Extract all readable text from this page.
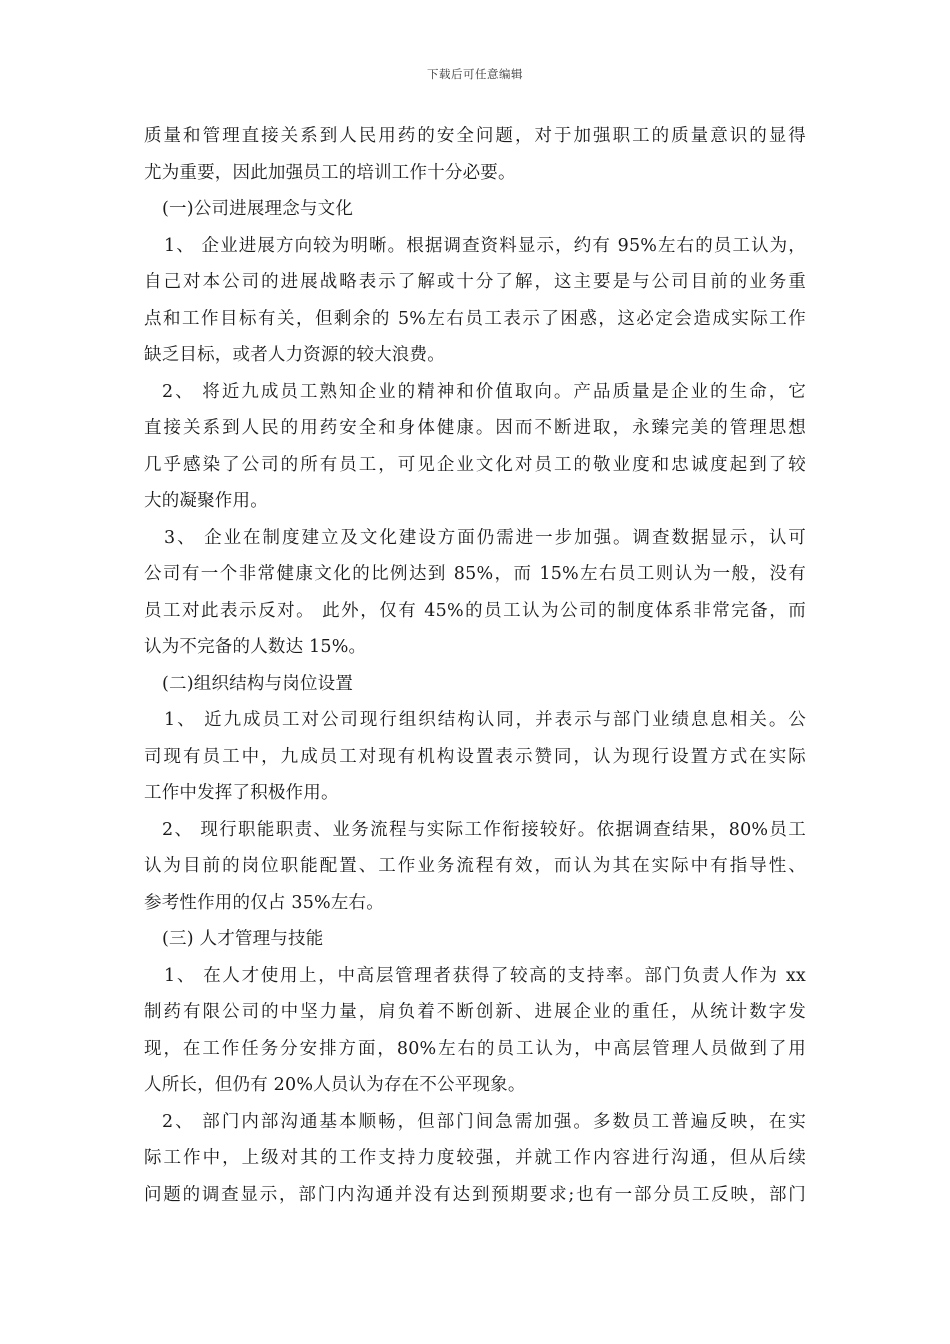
下载后可任意编辑
质量和管理直接关系到人民用药的安全问题，对于加强职工的质量意识的显得
尤为重要，因此加强员工的培训工作十分必要。
(一)公司进展理念与文化
1、 企业进展方向较为明晰。根据调查资料显示，约有 95%左右的员工认为，
自己对本公司的进展战略表示了解或十分了解，这主要是与公司目前的业务重
点和工作目标有关，但剩余的 5%左右员工表示了困惑，这必定会造成实际工作
缺乏目标，或者人力资源的较大浪费。
2、 将近九成员工熟知企业的精神和价值取向。产品质量是企业的生命，它
直接关系到人民的用药安全和身体健康。因而不断进取，永臻完美的管理思想
几乎感染了公司的所有员工，可见企业文化对员工的敬业度和忠诚度起到了较
大的凝聚作用。
3、 企业在制度建立及文化建设方面仍需进一步加强。调查数据显示，认可
公司有一个非常健康文化的比例达到 85%，而 15%左右员工则认为一般，没有
员工对此表示反对。 此外，仅有 45%的员工认为公司的制度体系非常完备，而
认为不完备的人数达 15%。
(二)组织结构与岗位设置
1、 近九成员工对公司现行组织结构认同，并表示与部门业绩息息相关。公
司现有员工中，九成员工对现有机构设置表示赞同，认为现行设置方式在实际
工作中发挥了积极作用。
2、 现行职能职责、业务流程与实际工作衔接较好。依据调查结果，80%员工
认为目前的岗位职能配置、工作业务流程有效，而认为其在实际中有指导性、
参考性作用的仅占 35%左右。
(三) 人才管理与技能
1、 在人才使用上，中高层管理者获得了较高的支持率。部门负责人作为 xx
制药有限公司的中坚力量，肩负着不断创新、进展企业的重任，从统计数字发
现，在工作任务分安排方面，80%左右的员工认为，中高层管理人员做到了用
人所长，但仍有 20%人员认为存在不公平现象。
2、 部门内部沟通基本顺畅，但部门间急需加强。多数员工普遍反映，在实
际工作中，上级对其的工作支持力度较强，并就工作内容进行沟通，但从后续
问题的调查显示，部门内沟通并没有达到预期要求;也有一部分员工反映，部门
